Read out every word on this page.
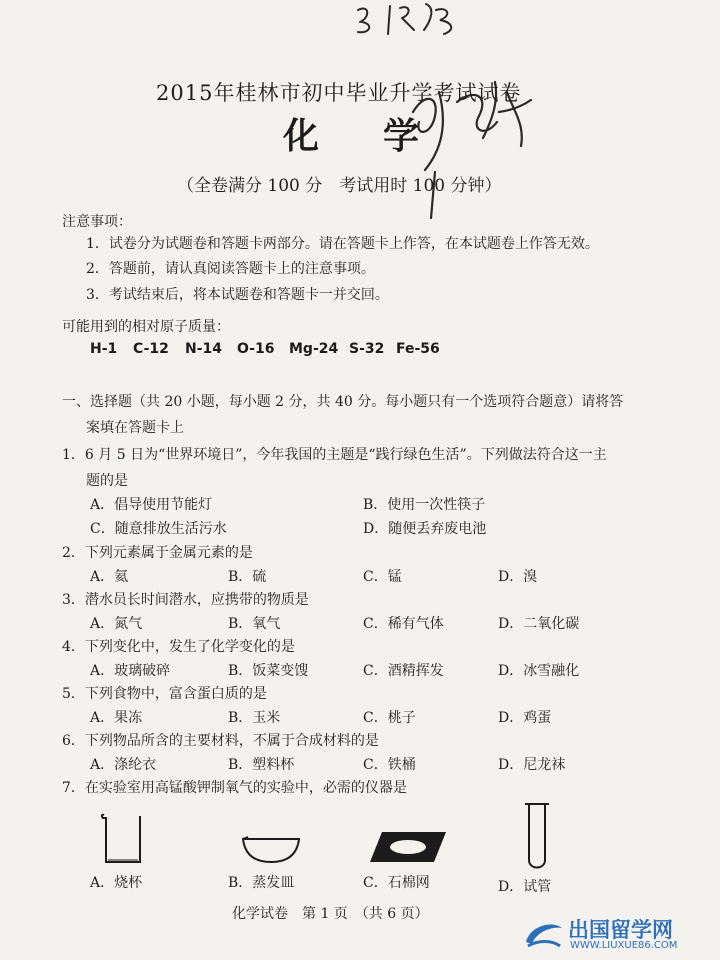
2015年桂林市初中毕业升学考试试卷
化　学
（全卷满分 100 分　考试用时 100 分钟）
注意事项：
1．试卷分为试题卷和答题卡两部分。请在答题卡上作答，在本试题卷上作答无效。
2．答题前，请认真阅读答题卡上的注意事项。
3．考试结束后，将本试题卷和答题卡一并交回。
可能用到的相对原子质量：
H-1 C-12 N-14 O-16 Mg-24 S-32 Fe-56
一、选择题（共 20 小题，每小题 2 分，共 40 分。每小题只有一个选项符合题意）请将答
案填在答题卡上
1．6 月 5 日为“世界环境日”，今年我国的主题是“践行绿色生活”。下列做法符合这一主
题的是
A．倡导使用节能灯	B．使用一次性筷子
C．随意排放生活污水	D．随便丢弃废电池
2．下列元素属于金属元素的是
A．氦	B．硫	C．锰	D．溴
3．潜水员长时间潜水，应携带的物质是
A．氮气	B．氧气	C．稀有气体	D．二氧化碳
4．下列变化中，发生了化学变化的是
A．玻璃破碎	B．饭菜变馊	C．酒精挥发	D．冰雪融化
5．下列食物中，富含蛋白质的是
A．果冻	B．玉米	C．桃子	D．鸡蛋
6．下列物品所含的主要材料，不属于合成材料的是
A．涤纶衣	B．塑料杯	C．铁桶	D．尼龙袜
7．在实验室用高锰酸钾制氧气的实验中，必需的仪器是
A．烧杯	B．蒸发皿	C．石棉网	D．试管
化学试卷　第 1 页　（共 6 页）
出国留学网
WWW.LIUXUE86.COM
